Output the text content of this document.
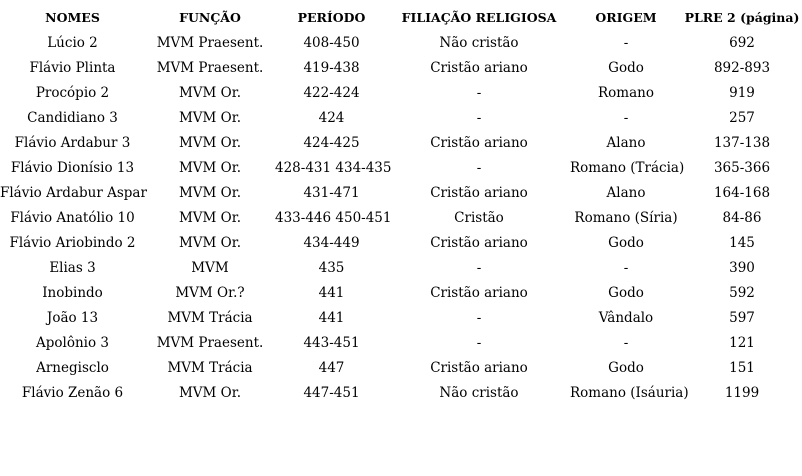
NOMES	FUNÇÃO	PERÍODO	FILIAÇÃO RELIGIOSA	ORIGEM	PLRE 2 (página)
Lúcio 2	MVM Praesent.	408-450	Não cristão	-	692
Flávio Plinta	MVM Praesent.	419-438	Cristão ariano	Godo	892-893
Procópio 2	MVM Or.	422-424	-	Romano	919
Candidiano 3	MVM Or.	424	-	-	257
Flávio Ardabur 3	MVM Or.	424-425	Cristão ariano	Alano	137-138
Flávio Dionísio 13	MVM Or.	428-431 434-435	-	Romano (Trácia)	365-366
Flávio Ardabur Aspar	MVM Or.	431-471	Cristão ariano	Alano	164-168
Flávio Anatólio 10	MVM Or.	433-446 450-451	Cristão	Romano (Síria)	84-86
Flávio Ariobindo 2	MVM Or.	434-449	Cristão ariano	Godo	145
Elias 3	MVM	435	-	-	390
Inobindo	MVM Or.?	441	Cristão ariano	Godo	592
João 13	MVM Trácia	441	-	Vândalo	597
Apolônio 3	MVM Praesent.	443-451	-	-	121
Arnegisclo	MVM Trácia	447	Cristão ariano	Godo	151
Flávio Zenão 6	MVM Or.	447-451	Não cristão	Romano (Isáuria)	1199
